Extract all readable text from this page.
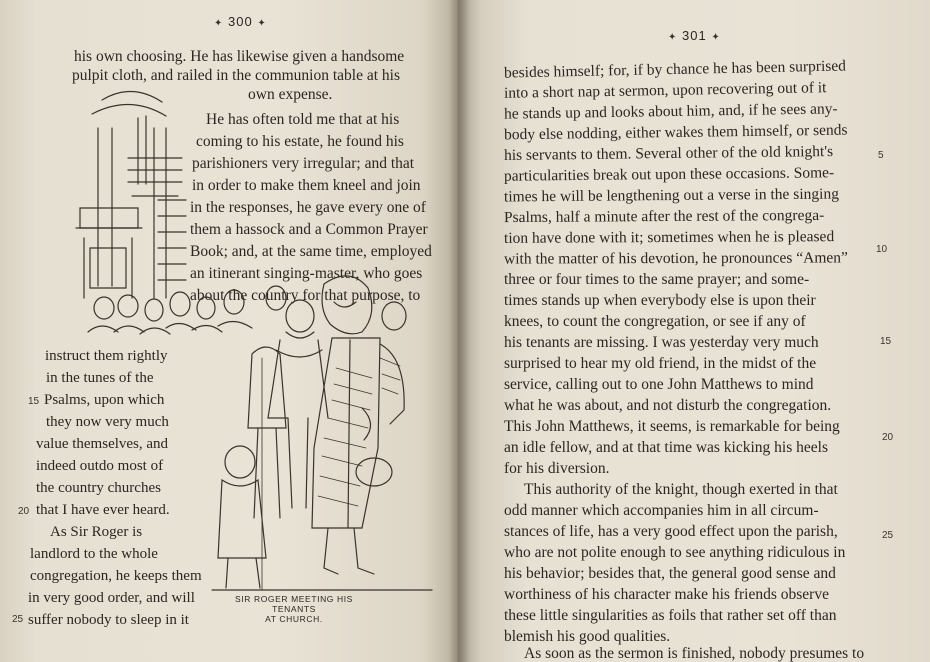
✦ 300 ✦
his own choosing. He has likewise given a handsome
pulpit cloth, and railed in the communion table at his
own expense.
He has often told me that at his
coming to his estate, he found his
parishioners very irregular; and that
in order to make them kneel and join
in the responses, he gave every one of
them a hassock and a Common Prayer
Book; and, at the same time, employed
an itinerant singing-master, who goes
about the country for that purpose, to
instruct them rightly
in the tunes of the
Psalms, upon which
they now very much
value themselves, and
indeed outdo most of
the country churches
that I have ever heard.
As Sir Roger is
landlord to the whole
congregation, he keeps them
in very good order, and will
suffer nobody to sleep in it
15
20
25
SIR ROGER MEETING HIS TENANTS
AT CHURCH.
✦ 301 ✦
besides himself; for, if by chance he has been surprised
into a short nap at sermon, upon recovering out of it
he stands up and looks about him, and, if he sees any-
body else nodding, either wakes them himself, or sends
his servants to them. Several other of the old knight's
particularities break out upon these occasions. Some-
times he will be lengthening out a verse in the singing
Psalms, half a minute after the rest of the congrega-
tion have done with it; sometimes when he is pleased
with the matter of his devotion, he pronounces “Amen”
three or four times to the same prayer; and some-
times stands up when everybody else is upon their
knees, to count the congregation, or see if any of
his tenants are missing. I was yesterday very much
surprised to hear my old friend, in the midst of the
service, calling out to one John Matthews to mind
what he was about, and not disturb the congregation.
This John Matthews, it seems, is remarkable for being
an idle fellow, and at that time was kicking his heels
for his diversion.
This authority of the knight, though exerted in that
odd manner which accompanies him in all circum-
stances of life, has a very good effect upon the parish,
who are not polite enough to see anything ridiculous in
his behavior; besides that, the general good sense and
worthiness of his character make his friends observe
these little singularities as foils that rather set off than
blemish his good qualities.
As soon as the sermon is finished, nobody presumes to
5
10
15
20
25
